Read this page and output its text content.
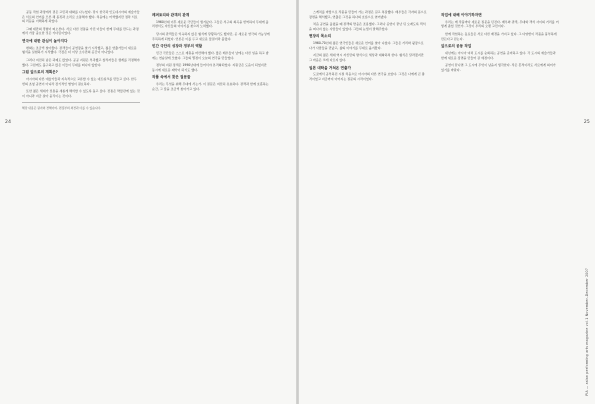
24

공동 작업 과정에서 겪은 고민과 대화를 나누었다. 당시 한국과 인도네시아의 예술가들은 서로의 언어를 모른 채 몸짓과 소리로 소통해야 했다. 처음에는 어색했지만 점차 서로의 리듬을 이해하게 되었다.

그때 대만의 경험이 떠오른다. 서로 다른 전통을 가진 이들이 함께 무대를 만드는 과정에서 가장 중요한 것은 기다림이었다.

연극에 대한 관심이 높아지다

변화는 조금씩 찾아왔다. 관객들이 공연장을 찾기 시작했고, 젊은 연출가들이 새로운 형식을 실험하기 시작했다. 극장은 더 이상 소수만의 공간이 아니었다.

그러나 여전히 남은 과제도 많았다. 공공 지원은 부족했고 창작자들은 생계를 걱정해야 했다. 그럼에도 불구하고 많은 이들이 무대를 떠나지 않았다.

그럼 앞으로의 계획은?

아시아의 다른 예술가들과 지속적으로 교류할 수 있는 네트워크를 만들고 싶다. 한두 번의 초청 공연이 아니라 장기적인 협업이 필요하다.

또한 젊은 세대가 전통을 새롭게 해석할 수 있도록 돕고 싶다. 전통은 박물관에 있는 것이 아니라 지금 살아 움직이는 것이다.

해당 내용은 필자의 견해이며, 편집부의 의견과 다를 수 있습니다.
레퍼토리와 관객의 관계

1960년대 이후 새로운 극단들이 생겨났다. 그들은 서구의 희곡을 번역하여 무대에 올리면서도 자신들의 이야기를 찾으려 노력했다.

당시의 관객들은 익숙하지 않은 형식에 당황하기도 했지만, 곧 새로운 연극의 가능성에 주목하게 되었다. 언론은 이를 두고 새로운 물결이라 불렀다.

민간 극단의 성장과 정부의 역할

민간 극단들은 스스로 재원을 마련해야 했다. 많은 배우들이 낮에는 다른 일을 하고 밤에는 연습실에 모였다. 그들의 열정이 오늘의 연극을 만들었다.

정부의 지원 정책은 1990년대에 들어서야 본격화되었다. 지원금은 도움이 되었지만 동시에 새로운 제약이 되기도 했다.

작품 속에서 찾은 질문들

우리는 무엇을 위해 무대에 서는가. 이 질문은 여전히 유효하다. 관객과 함께 호흡하는 순간, 그 답을 조금씩 찾아가고 있다.

25

스케치를 바탕으로 작품을 만들어 가는 과정은 길고 복잡했다. 배우들은 각자의 몸으로 장면을 해석했고, 연출은 그것을 하나의 흐름으로 엮어냈다.

처음 공연을 올렸을 때 관객의 반응은 조용했다. 그러나 공연이 끝난 뒤 오래도록 객석을 떠나지 않는 사람들이 있었다. 그들의 눈빛이 말해주었다.

현장의 목소리

1960-70년대 젊은 연극인들은 새로운 언어를 찾아 나섰다. 그들은 거리와 광장으로 나가 사람들을 만났고, 삶의 이야기를 무대로 옮겨왔다.

지금의 젊은 세대 역시 자신만의 방식으로 세상과 대화하려 한다. 형식은 달라졌지만 그 마음은 크게 다르지 않다.

일본 대학을 거쳐온 연출가

도쿄에서 공부하던 시절 처음으로 아시아의 다른 연극을 보았다. 그것은 나에게 큰 충격이었고 지금까지 이어지는 질문의 시작이었다.

작업에 대해 이야기하자면

우리는 매 작품마다 새로운 질문을 던진다. 배우와 관객, 무대와 객석 사이의 거리를 어떻게 좁힐 것인가. 그것이 우리의 오랜 고민이다.

함께 작업하는 동료들은 서로 다른 배경을 가지고 있다. 그 다양함이 작품을 풍부하게 만든다고 믿는다.

앞으로의 공동 작업

내년에는 아시아 여러 도시를 순회하는 공연을 준비하고 있다. 각 도시의 예술가들과 함께 새로운 장면을 만들어 갈 예정이다.

공연이 끝나면 그 도시에 무엇이 남을지 생각한다. 작은 흔적이라도 서로에게 의미가 있기를 바란다.

PIA — asian performing arts magazine vol.1 November–December 2007
